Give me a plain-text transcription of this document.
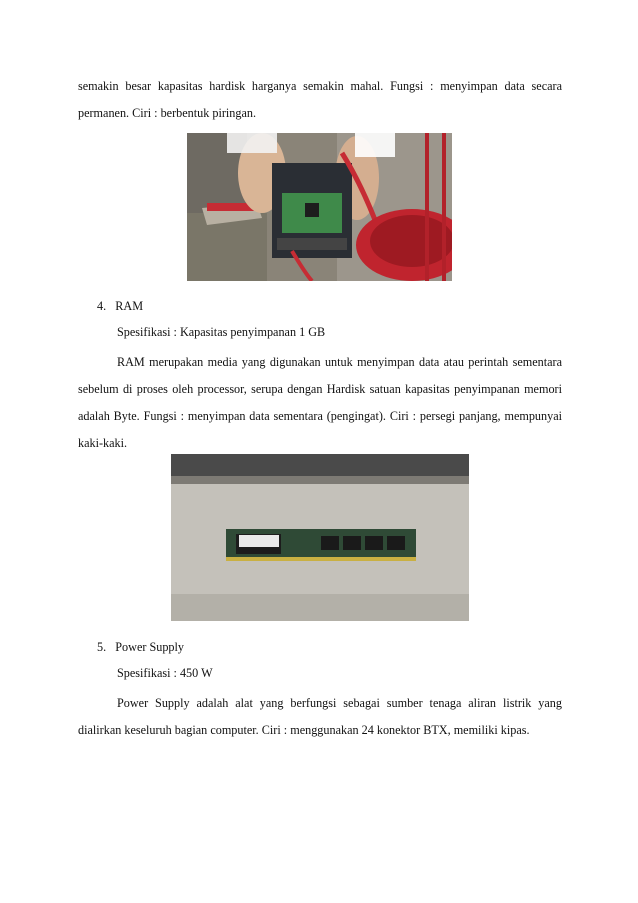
semakin besar kapasitas hardisk harganya semakin mahal. Fungsi : menyimpan data secara permanen. Ciri : berbentuk piringan.

4. RAM

Spesifikasi : Kapasitas penyimpanan 1 GB

RAM merupakan media yang digunakan untuk menyimpan data atau perintah sementara sebelum di proses oleh processor, serupa dengan Hardisk satuan kapasitas penyimpanan memori adalah Byte. Fungsi : menyimpan data sementara (pengingat). Ciri : persegi panjang, mempunyai kaki-kaki.

5. Power Supply

Spesifikasi : 450 W

Power Supply adalah alat yang berfungsi sebagai sumber tenaga aliran listrik yang dialirkan keseluruh bagian computer. Ciri : menggunakan 24 konektor BTX, memiliki kipas.
